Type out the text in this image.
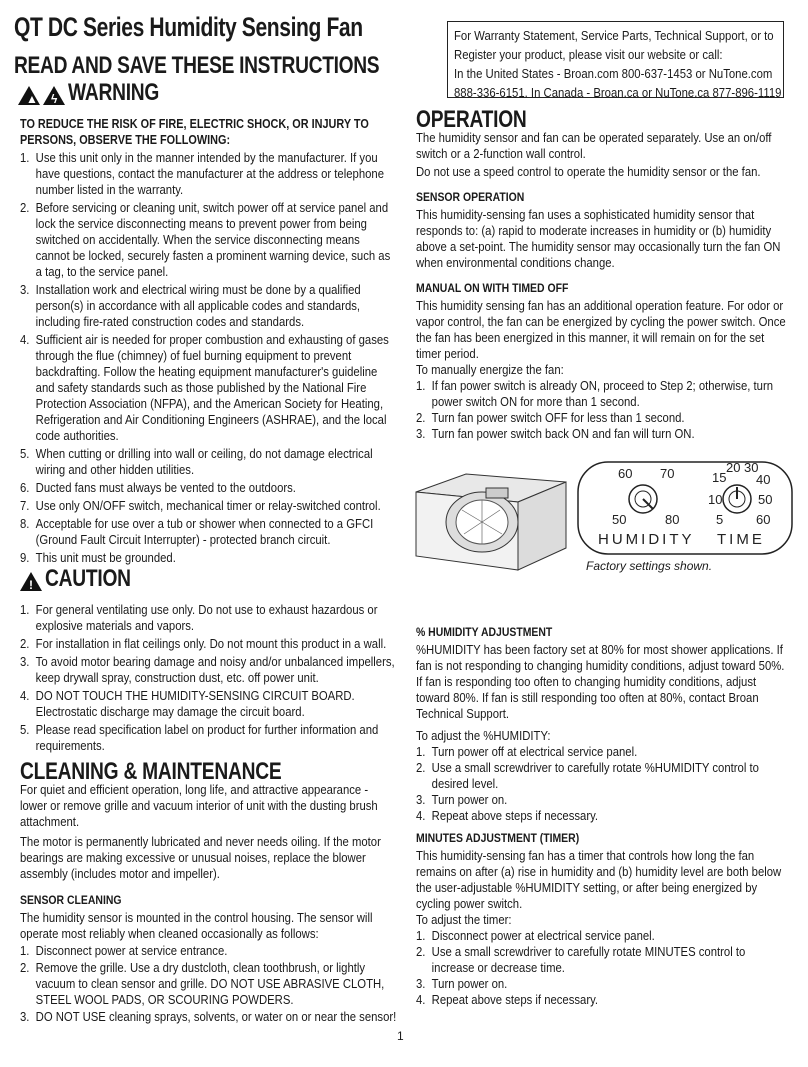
QT DC Series Humidity Sensing Fan
READ AND SAVE THESE INSTRUCTIONS
For Warranty Statement, Service Parts, Technical Support, or to
Register your product, please visit our website or call:
In the United States - Broan.com 800-637-1453 or NuTone.com
888-336-6151. In Canada - Broan.ca or NuTone.ca 877-896-1119
▲ ϟ WARNING
TO REDUCE THE RISK OF FIRE, ELECTRIC SHOCK, OR INJURY TO
PERSONS, OBSERVE THE FOLLOWING:
1. Use this unit only in the manner intended by the manufacturer. If you have questions, contact the manufacturer at the address or telephone number listed in the warranty.
2. Before servicing or cleaning unit, switch power off at service panel and lock the service disconnecting means to prevent power from being switched on accidentally. When the service disconnecting means cannot be locked, securely fasten a prominent warning device, such as a tag, to the service panel.
3. Installation work and electrical wiring must be done by a qualified person(s) in accordance with all applicable codes and standards, including fire-rated construction codes and standards.
4. Sufficient air is needed for proper combustion and exhausting of gases through the flue (chimney) of fuel burning equipment to prevent backdrafting. Follow the heating equipment manufacturer's guideline and safety standards such as those published by the National Fire Protection Association (NFPA), and the American Society for Heating, Refrigeration and Air Conditioning Engineers (ASHRAE), and the local code authorities.
5. When cutting or drilling into wall or ceiling, do not damage electrical wiring and other hidden utilities.
6. Ducted fans must always be vented to the outdoors.
7. Use only ON/OFF switch, mechanical timer or relay-switched control.
8. Acceptable for use over a tub or shower when connected to a GFCI (Ground Fault Circuit Interrupter) - protected branch circuit.
9. This unit must be grounded.
! CAUTION
1. For general ventilating use only. Do not use to exhaust hazardous or explosive materials and vapors.
2. For installation in flat ceilings only. Do not mount this product in a wall.
3. To avoid motor bearing damage and noisy and/or unbalanced impellers, keep drywall spray, construction dust, etc. off power unit.
4. DO NOT TOUCH THE HUMIDITY-SENSING CIRCUIT BOARD. Electrostatic discharge may damage the circuit board.
5. Please read specification label on product for further information and requirements.
CLEANING & MAINTENANCE

For quiet and efficient operation, long life, and attractive appearance - lower or remove grille and vacuum interior of unit with the dusting brush attachment.

The motor is permanently lubricated and never needs oiling. If the motor bearings are making excessive or unusual noises, replace the blower assembly (includes motor and impeller).

SENSOR CLEANING

The humidity sensor is mounted in the control housing. The sensor will operate most reliably when cleaned occasionally as follows:

1. Disconnect power at service entrance.
2. Remove the grille. Use a dry dustcloth, clean toothbrush, or lightly vacuum to clean sensor and grille. DO NOT USE ABRASIVE CLOTH, STEEL WOOL PADS, OR SCOURING POWDERS.
3. DO NOT USE cleaning sprays, solvents, or water on or near the sensor!
OPERATION

The humidity sensor and fan can be operated separately. Use an on/off switch or a 2-function wall control.

Do not use a speed control to operate the humidity sensor or the fan.

SENSOR OPERATION

This humidity-sensing fan uses a sophisticated humidity sensor that responds to: (a) rapid to moderate increases in humidity or (b) humidity above a set-point. The humidity sensor may occasionally turn the fan ON when environmental conditions change.

MANUAL ON WITH TIMED OFF

This humidity sensing fan has an additional operation feature. For odor or vapor control, the fan can be energized by cycling the power switch. Once the fan has been energized in this manner, it will remain on for the set timer period.

To manually energize the fan:

1. If fan power switch is already ON, proceed to Step 2; otherwise, turn power switch ON for more than 1 second.
2. Turn fan power switch OFF for less than 1 second.
3. Turn fan power switch back ON and fan will turn ON.
60 70
50	80
15
20 30
40
10	50
5	60
HUMIDITY TIME
Factory settings shown.

% HUMIDITY ADJUSTMENT

%HUMIDITY has been factory set at 80% for most shower applications. If fan is not responding to changing humidity conditions, adjust toward 50%. If fan is responding too often to changing humidity conditions, adjust toward 80%. If fan is still responding too often at 80%, contact Broan Technical Support.

To adjust the %HUMIDITY:

1. Turn power off at electrical service panel.
2. Use a small screwdriver to carefully rotate %HUMIDITY control to desired level.
3. Turn power on.
4. Repeat above steps if necessary.

MINUTES ADJUSTMENT (TIMER)

This humidity-sensing fan has a timer that controls how long the fan remains on after (a) rise in humidity and (b) humidity level are both below the user-adjustable %HUMIDITY setting, or after being energized by cycling power switch.

To adjust the timer:

1. Disconnect power at electrical service panel.
2. Use a small screwdriver to carefully rotate MINUTES control to increase or decrease time.
3. Turn power on.
4. Repeat above steps if necessary.
1
